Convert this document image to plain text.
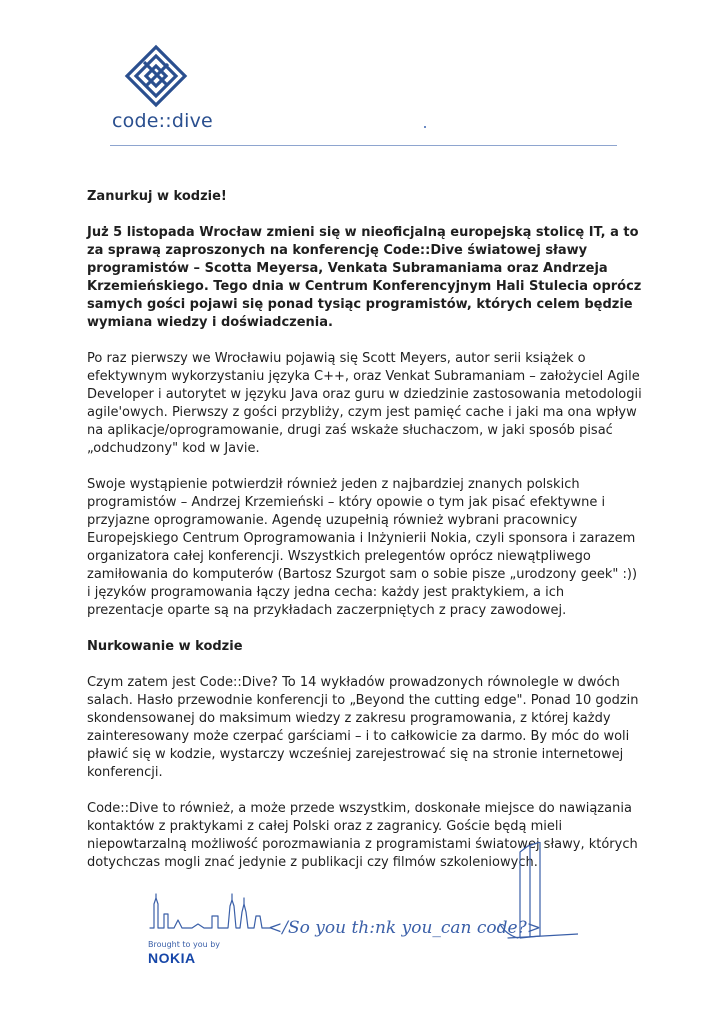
code::dive

Zanurkuj w kodzie!

Już 5 listopada Wrocław zmieni się w nieoficjalną europejską stolicę IT, a to za sprawą zaproszonych na konferencję Code::Dive światowej sławy programistów – Scotta Meyersa, Venkata Subramaniama oraz Andrzeja Krzemieńskiego. Tego dnia w Centrum Konferencyjnym Hali Stulecia oprócz samych gości pojawi się ponad tysiąc programistów, których celem będzie wymiana wiedzy i doświadczenia.

Po raz pierwszy we Wrocławiu pojawią się Scott Meyers, autor serii książek o efektywnym wykorzystaniu języka C++, oraz Venkat Subramaniam – założyciel Agile Developer i autorytet w języku Java oraz guru w dziedzinie zastosowania metodologii agile'owych. Pierwszy z gości przybliży, czym jest pamięć cache i jaki ma ona wpływ na aplikacje/oprogramowanie, drugi zaś wskaże słuchaczom, w jaki sposób pisać „odchudzony" kod w Javie.

Swoje wystąpienie potwierdził również jeden z najbardziej znanych polskich programistów – Andrzej Krzemieński – który opowie o tym jak pisać efektywne i przyjazne oprogramowanie. Agendę uzupełnią również wybrani pracownicy Europejskiego Centrum Oprogramowania i Inżynierii Nokia, czyli sponsora i zarazem organizatora całej konferencji. Wszystkich prelegentów oprócz niewątpliwego zamiłowania do komputerów (Bartosz Szurgot sam o sobie pisze „urodzony geek" :)) i języków programowania łączy jedna cecha: każdy jest praktykiem, a ich prezentacje oparte są na przykładach zaczerpniętych z pracy zawodowej.

Nurkowanie w kodzie

Czym zatem jest Code::Dive? To 14 wykładów prowadzonych równolegle w dwóch salach. Hasło przewodnie konferencji to „Beyond the cutting edge". Ponad 10 godzin skondensowanej do maksimum wiedzy z zakresu programowania, z której każdy zainteresowany może czerpać garściami – i to całkowicie za darmo. By móc do woli pławić się w kodzie, wystarczy wcześniej zarejestrować się na stronie internetowej konferencji.

Code::Dive to również, a może przede wszystkim, doskonałe miejsce do nawiązania kontaktów z praktykami z całej Polski oraz z zagranicy. Goście będą mieli niepowtarzalną możliwość porozmawiania z programistami światowej sławy, których dotychczas mogli znać jedynie z publikacji czy filmów szkoleniowych.

</So you th:nk you_can code?>
Brought to you by
NOKIA
